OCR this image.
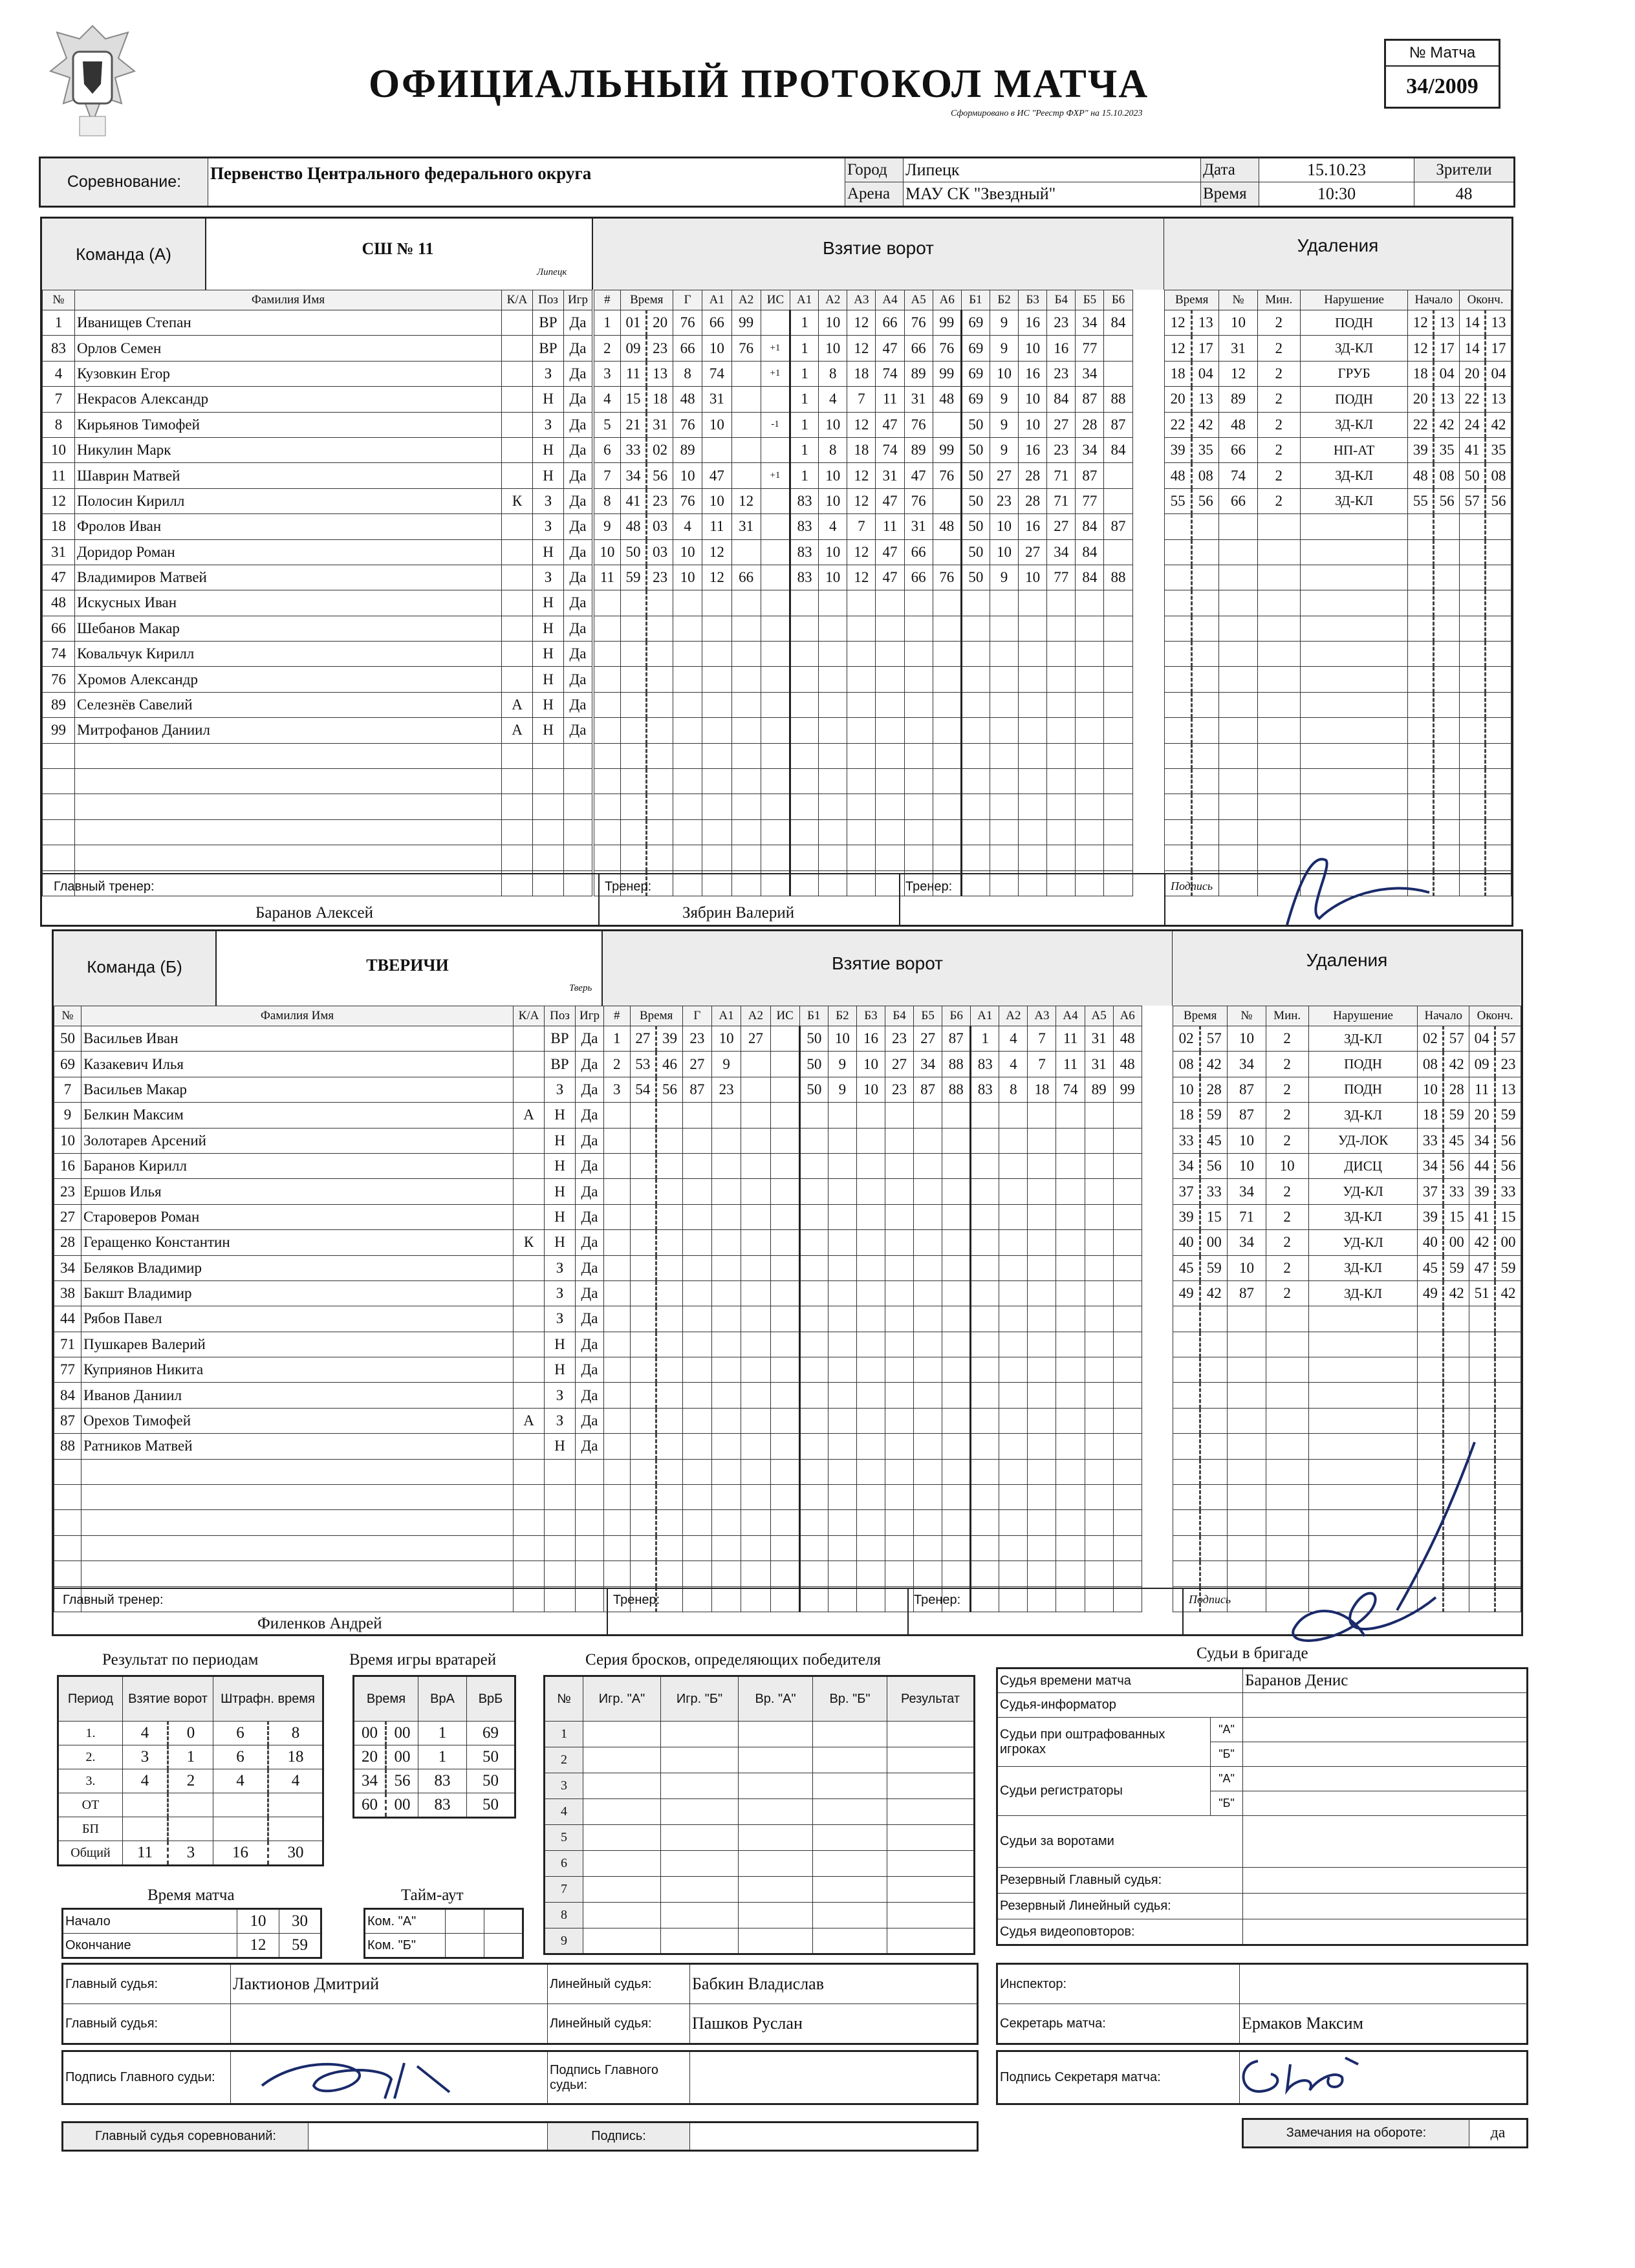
ОФИЦИАЛЬНЫЙ ПРОТОКОЛ МАТЧА
Сформировано в ИС "Реестр ФХР" на 15.10.2023
№ Матча
34/2009
Соревнование:	Первенство Центрального федерального округа	Город	Липецк	Дата	15.10.23	Зрители
		Арена	МАУ СК "Звездный"	Время	10:30	48
Команда (А)	СШ № 11
Липецк
Взятие ворот	Удаления
№	Фамилия Имя	К/А	Поз	Игр
1	Иванищев Степан		ВР	Да
83	Орлов Семен		ВР	Да
4	Кузовкин Егор		З	Да
7	Некрасов Александр		Н	Да
8	Кирьянов Тимофей		З	Да
10	Никулин Марк		Н	Да
11	Шаврин Матвей		Н	Да
12	Полосин Кирилл	К	З	Да
18	Фролов Иван		З	Да
31	Доридор Роман		Н	Да
47	Владимиров Матвей		З	Да
48	Искусных Иван		Н	Да
66	Шебанов Макар		Н	Да
74	Ковальчук Кирилл		Н	Да
76	Хромов Александр		Н	Да
89	Селезнёв Савелий	А	Н	Да
99	Митрофанов Даниил	А	Н	Да

#	Время		Г	А1	А2	ИС	А1	А2	А3	А4	А5	А6	Б1	Б2	Б3	Б4	Б5	Б6
1	01	20	76	66	99		1	10	12	66	76	99	69	9	16	23	34	84
2	09	23	66	10	76	+1	1	10	12	47	66	76	69	9	10	16	77	
3	11	13	8	74		+1	1	8	18	74	89	99	69	10	16	23	34	
4	15	18	48	31			1	4	7	11	31	48	69	9	10	84	87	88
5	21	31	76	10		-1	1	10	12	47	76		50	9	10	27	28	87
6	33	02	89				1	8	18	74	89	99	50	9	16	23	34	84
7	34	56	10	47		+1	1	10	12	31	47	76	50	27	28	71	87	
8	41	23	76	10	12		83	10	12	47	76		50	23	28	71	77	
9	48	03	4	11	31		83	4	7	11	31	48	50	10	16	27	84	87
10	50	03	10	12			83	10	12	47	66		50	10	27	34	84	
11	59	23	10	12	66		83	10	12	47	66	76	50	9	10	77	84	88

Время		№	Мин.	Нарушение	Начало		Оконч.	
12	13	10	2	ПОДН	12	13	14	13
12	17	31	2	ЗД-КЛ	12	17	14	17
18	04	12	2	ГРУБ	18	04	20	04
20	13	89	2	ПОДН	20	13	22	13
22	42	48	2	ЗД-КЛ	22	42	24	42
39	35	66	2	НП-АТ	39	35	41	35
48	08	74	2	ЗД-КЛ	48	08	50	08
55	56	66	2	ЗД-КЛ	55	56	57	56

Главный тренер:
Баранов Алексей
Тренер:
Зябрин Валерий
Тренер:	Подпись
Команда (Б)	ТВЕРИЧИ
Тверь
Взятие ворот	Удаления
№	Фамилия Имя	К/А	Поз	Игр
50	Васильев Иван		ВР	Да
69	Казакевич Илья		ВР	Да
7	Васильев Макар		З	Да
9	Белкин Максим	А	Н	Да
10	Золотарев Арсений		Н	Да
16	Баранов Кирилл		Н	Да
23	Ершов Илья		Н	Да
27	Староверов Роман		Н	Да
28	Геращенко Константин	К	Н	Да
34	Беляков Владимир		З	Да
38	Бакшт Владимир		З	Да
44	Рябов Павел		З	Да
71	Пушкарев Валерий		Н	Да
77	Куприянов Никита		Н	Да
84	Иванов Даниил		З	Да
87	Орехов Тимофей	А	З	Да
88	Ратников Матвей		Н	Да

#	Время		Г	А1	А2	ИС	Б1	Б2	Б3	Б4	Б5	Б6	А1	А2	А3	А4	А5	А6
1	27	39	23	10	27		50	10	16	23	27	87	1	4	7	11	31	48
2	53	46	27	9			50	9	10	27	34	88	83	4	7	11	31	48
3	54	56	87	23			50	9	10	23	87	88	83	8	18	74	89	99

Время		№	Мин.	Нарушение	Начало		Оконч.	
02	57	10	2	ЗД-КЛ	02	57	04	57
08	42	34	2	ПОДН	08	42	09	23
10	28	87	2	ПОДН	10	28	11	13
18	59	87	2	ЗД-КЛ	18	59	20	59
33	45	10	2	УД-ЛОК	33	45	34	56
34	56	10	10	ДИСЦ	34	56	44	56
37	33	34	2	УД-КЛ	37	33	39	33
39	15	71	2	ЗД-КЛ	39	15	41	15
40	00	34	2	УД-КЛ	40	00	42	00
45	59	10	2	ЗД-КЛ	45	59	47	59
49	42	87	2	ЗД-КЛ	49	42	51	42

Главный тренер:
Филенков Андрей
Тренер:	Тренер:	Подпись
Результат по периодам
Период	Взятие ворот		Штрафн. время	
1.	4	0	6	8
2.	3	1	6	18
3.	4	2	4	4
ОТ				
БП				
Общий	11	3	16	30
Время игры вратарей
Время		ВрА	ВрБ
00	00	1	69
20	00	1	50
34	56	83	50
60	00	83	50
Время матча
Начало	10	30
Окончание	12	59
Тайм-аут
Ком. "А"		
Ком. "Б"		
Серия бросков, определяющих победителя
№	Игр. "А"	Игр. "Б"	Вр. "А"	Вр. "Б"	Результат
1					
2					
3					
4					
5					
6					
7					
8					
9					
Судьи в бригаде
Судья времени матча		Баранов Денис
Судья-информатор		
Судьи при оштрафованных игроках	"А"	
	"Б"	
Судьи регистраторы	"А"	
	"Б"	
Судьи за воротами		
Резервный Главный судья:		
Резервный Линейный судья:		
Судья видеоповторов:		
Главный судья:	Лактионов Дмитрий	Линейный судья:	Бабкин Владислав
Главный судья:		Линейный судья:	Пашков Руслан
Подпись Главного судьи:		Подпись Главного судьи:	
Главный судья соревнований:		Подпись:	
Инспектор:	
Секретарь матча:	Ермаков Максим
Подпись Секретаря матча:	
Замечания на обороте:	да
